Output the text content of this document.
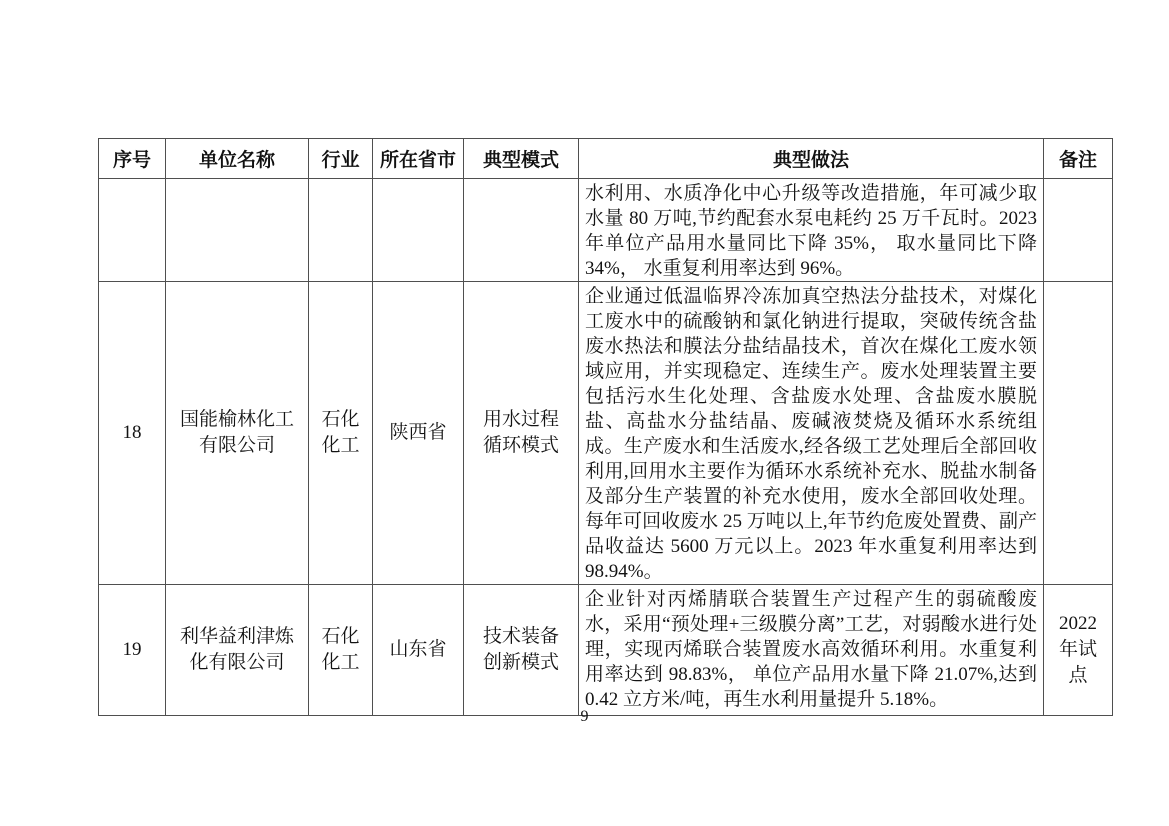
序号	单位名称	行业	所在省市	典型模式	典型做法	备注
					水利用、水质净化中心升级等改造措施，年可减少取水量 80 万吨,节约配套水泵电耗约 25 万千瓦时。2023 年单位产品用水量同比下降 35%， 取水量同比下降 34%， 水重复利用率达到 96%。	
18	国能榆林化工有限公司	石化化工	陕西省	用水过程循环模式	企业通过低温临界冷冻加真空热法分盐技术，对煤化工废水中的硫酸钠和氯化钠进行提取，突破传统含盐废水热法和膜法分盐结晶技术，首次在煤化工废水领域应用，并实现稳定、连续生产。废水处理装置主要包括污水生化处理、含盐废水处理、含盐废水膜脱盐、高盐水分盐结晶、废碱液焚烧及循环水系统组成。生产废水和生活废水,经各级工艺处理后全部回收利用,回用水主要作为循环水系统补充水、脱盐水制备及部分生产装置的补充水使用，废水全部回收处理。每年可回收废水 25 万吨以上,年节约危废处置费、副产品收益达 5600 万元以上。2023 年水重复利用率达到 98.94%。	
19	利华益利津炼化有限公司	石化化工	山东省	技术装备创新模式	企业针对丙烯腈联合装置生产过程产生的弱硫酸废水，采用“预处理+三级膜分离”工艺，对弱酸水进行处理，实现丙烯联合装置废水高效循环利用。水重复利用率达到 98.83%， 单位产品用水量下降 21.07%,达到 0.42 立方米/吨，再生水利用量提升 5.18%。	2022年试点
9
